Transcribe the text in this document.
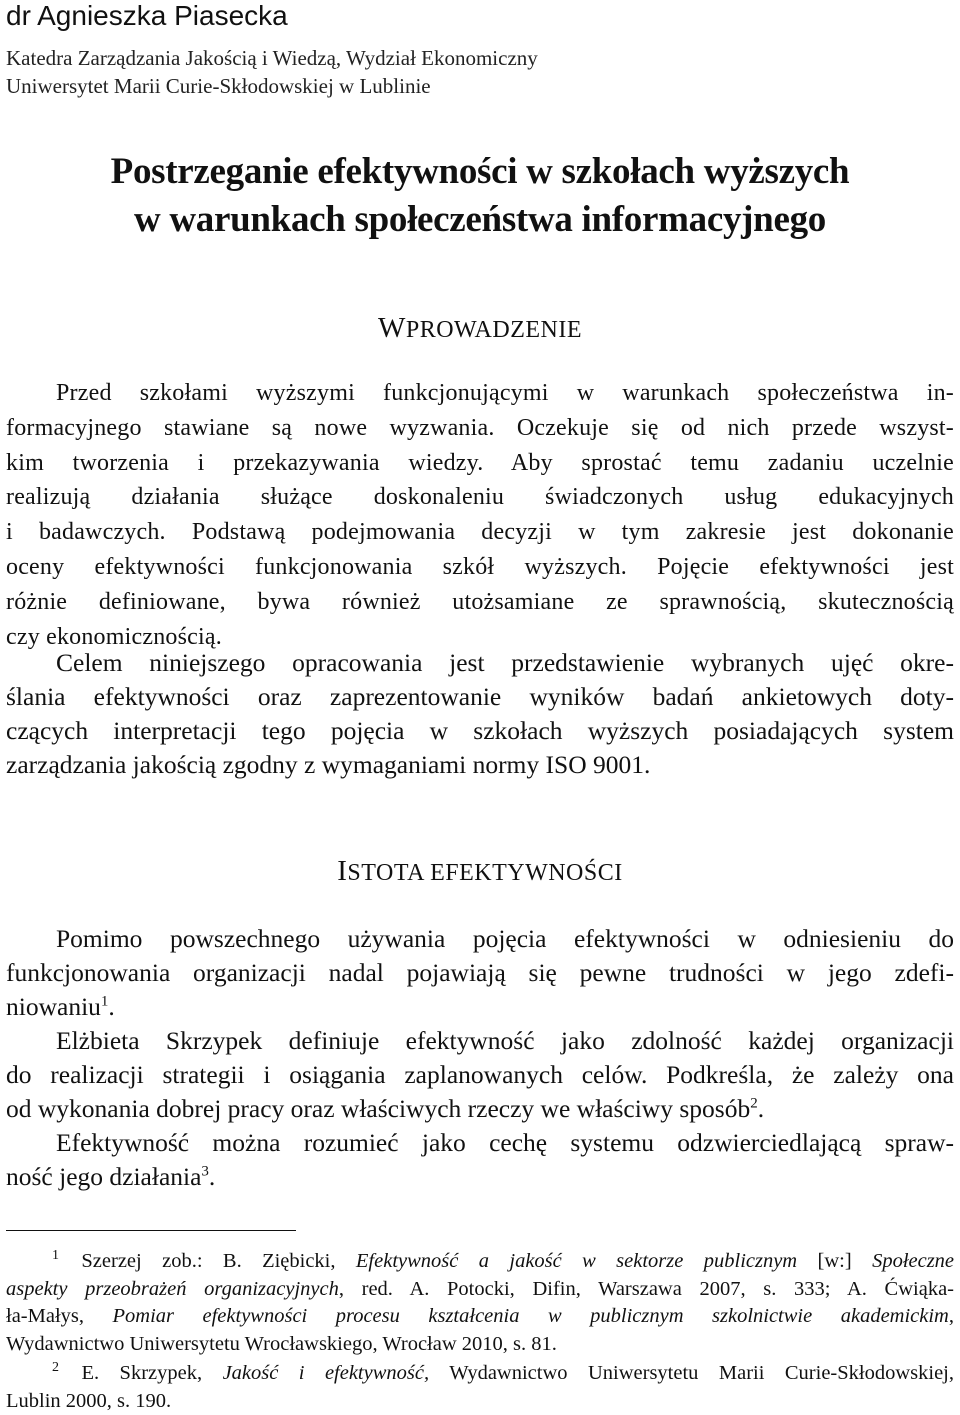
dr Agnieszka Piasecka
Katedra Zarządzania Jakością i Wiedzą, Wydział Ekonomiczny
Uniwersytet Marii Curie-Skłodowskiej w Lublinie
Postrzeganie efektywności w szkołach wyższych
w warunkach społeczeństwa informacyjnego
WPROWADZENIE
Przed szkołami wyższymi funkcjonującymi w warunkach społeczeństwa in-
formacyjnego stawiane są nowe wyzwania. Oczekuje się od nich przede wszyst-
kim tworzenia i przekazywania wiedzy. Aby sprostać temu zadaniu uczelnie
realizują działania służące doskonaleniu świadczonych usług edukacyjnych
i badawczych. Podstawą podejmowania decyzji w tym zakresie jest dokonanie
oceny efektywności funkcjonowania szkół wyższych. Pojęcie efektywności jest
różnie definiowane, bywa również utożsamiane ze sprawnością, skutecznością
czy ekonomicznością.
Celem niniejszego opracowania jest przedstawienie wybranych ujęć okre-
ślania efektywności oraz zaprezentowanie wyników badań ankietowych doty-
czących interpretacji tego pojęcia w szkołach wyższych posiadających system
zarządzania jakością zgodny z wymaganiami normy ISO 9001.
ISTOTA EFEKTYWNOŚCI
Pomimo powszechnego używania pojęcia efektywności w odniesieniu do
funkcjonowania organizacji nadal pojawiają się pewne trudności w jego zdefi-
niowaniu$^1$.
Elżbieta Skrzypek definiuje efektywność jako zdolność każdej organizacji
do realizacji strategii i osiągania zaplanowanych celów. Podkreśla, że zależy ona
od wykonania dobrej pracy oraz właściwych rzeczy we właściwy sposób$^2$.
Efektywność można rozumieć jako cechę systemu odzwierciedlającą spraw-
ność jego działania$^3$.
$^1$ Szerzej zob.: B. Ziębicki, Efektywność a jakość w sektorze publicznym [w:] Społeczne
aspekty przeobrażeń organizacyjnych, red. A. Potocki, Difin, Warszawa 2007, s. 333; A. Ćwiąka-
ła-Małys, Pomiar efektywności procesu kształcenia w publicznym szkolnictwie akademickim,
Wydawnictwo Uniwersytetu Wrocławskiego, Wrocław 2010, s. 81.
$^2$ E. Skrzypek, Jakość i efektywność, Wydawnictwo Uniwersytetu Marii Curie-Skłodowskiej,
Lublin 2000, s. 190.
